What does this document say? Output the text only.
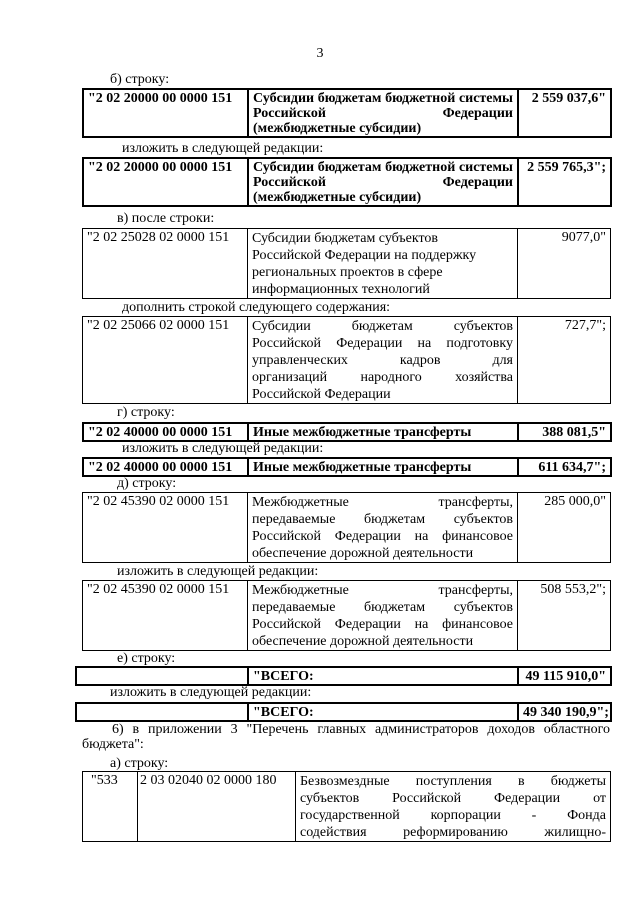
3
б) строку:
"2 02 20000 00 0000 151	Субсидии бюджетам бюджетной системы Российской Федерации
(межбюджетные субсидии)
	2 559 037,6"
изложить в следующей редакции:
"2 02 20000 00 0000 151	Субсидии бюджетам бюджетной системы Российской Федерации
(межбюджетные субсидии)
	2 559 765,3";
в) после строки:
"2 02 25028 02 0000 151	Субсидии бюджетам субъектов
Российской Федерации на поддержку
региональных проектов в сфере
информационных технологий
	9077,0"
дополнить строкой следующего содержания:
"2 02 25066 02 0000 151	Субсидии бюджетам субъектов
Российской Федерации на подготовку
управленческих кадров для
организаций народного хозяйства
Российской Федерации
	727,7";
г) строку:
"2 02 40000 00 0000 151	Иные межбюджетные трансферты	388 081,5"
изложить в следующей редакции:
"2 02 40000 00 0000 151	Иные межбюджетные трансферты	611 634,7";
д) строку:
"2 02 45390 02 0000 151	Межбюджетные трансферты,
передаваемые бюджетам субъектов
Российской Федерации на финансовое
обеспечение дорожной деятельности
	285 000,0"
изложить в следующей редакции:
"2 02 45390 02 0000 151	Межбюджетные трансферты,
передаваемые бюджетам субъектов
Российской Федерации на финансовое
обеспечение дорожной деятельности
	508 553,2";
е) строку:
	"ВСЕГО:	49 115 910,0"
изложить в следующей редакции:
	"ВСЕГО:	49 340 190,9";
6) в приложении 3 "Перечень главных администраторов доходов областного бюджета":
а) строку:
"533	2 03 02040 02 0000 180	Безвозмездные поступления в бюджеты
субъектов Российской Федерации от
государственной корпорации - Фонда
содействия реформированию жилищно-
